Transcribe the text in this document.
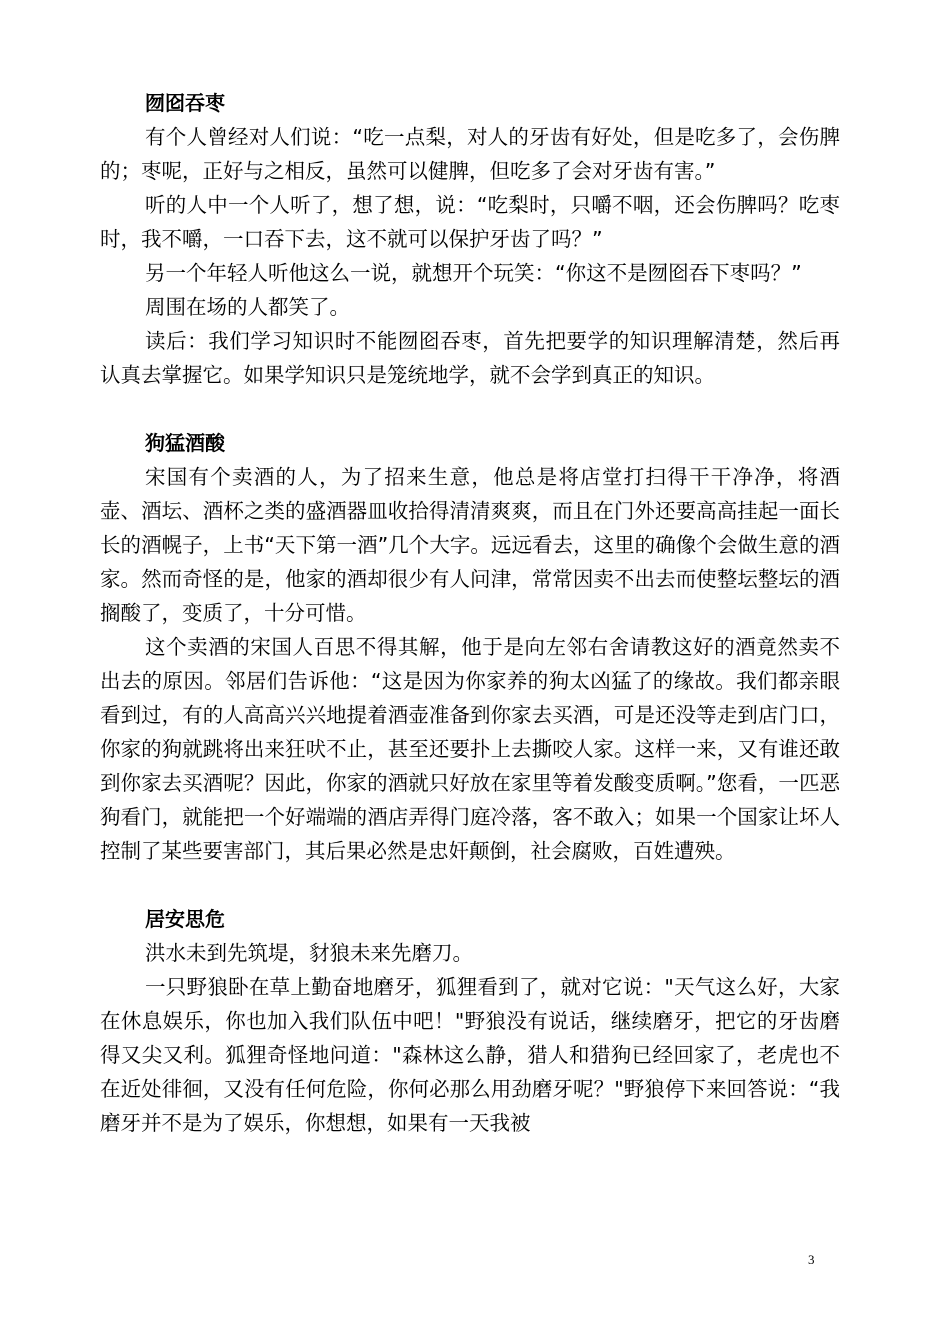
囫囵吞枣

有个人曾经对人们说：“吃一点梨，对人的牙齿有好处，但是吃多了，会伤脾的；枣呢，正好与之相反，虽然可以健脾，但吃多了会对牙齿有害。”

听的人中一个人听了，想了想，说：“吃梨时，只嚼不咽，还会伤脾吗？吃枣时，我不嚼，一口吞下去，这不就可以保护牙齿了吗？”

另一个年轻人听他这么一说，就想开个玩笑：“你这不是囫囵吞下枣吗？”

周围在场的人都笑了。

读后：我们学习知识时不能囫囵吞枣，首先把要学的知识理解清楚，然后再认真去掌握它。如果学知识只是笼统地学，就不会学到真正的知识。

狗猛酒酸

宋国有个卖酒的人，为了招来生意，他总是将店堂打扫得干干净净，将酒壶、酒坛、酒杯之类的盛酒器皿收拾得清清爽爽，而且在门外还要高高挂起一面长长的酒幌子，上书“天下第一酒”几个大字。远远看去，这里的确像个会做生意的酒家。然而奇怪的是，他家的酒却很少有人问津，常常因卖不出去而使整坛整坛的酒搁酸了，变质了，十分可惜。

这个卖酒的宋国人百思不得其解，他于是向左邻右舍请教这好的酒竟然卖不出去的原因。邻居们告诉他：“这是因为你家养的狗太凶猛了的缘故。我们都亲眼看到过，有的人高高兴兴地提着酒壶准备到你家去买酒，可是还没等走到店门口，你家的狗就跳将出来狂吠不止，甚至还要扑上去撕咬人家。这样一来，又有谁还敢到你家去买酒呢？因此，你家的酒就只好放在家里等着发酸变质啊。”您看，一匹恶狗看门，就能把一个好端端的酒店弄得门庭冷落，客不敢入；如果一个国家让坏人控制了某些要害部门，其后果必然是忠奸颠倒，社会腐败，百姓遭殃。

居安思危

洪水未到先筑堤，豺狼未来先磨刀。

一只野狼卧在草上勤奋地磨牙，狐狸看到了，就对它说："天气这么好，大家在休息娱乐，你也加入我们队伍中吧！"野狼没有说话，继续磨牙，把它的牙齿磨得又尖又利。狐狸奇怪地问道："森林这么静，猎人和猎狗已经回家了，老虎也不在近处徘徊，又没有任何危险，你何必那么用劲磨牙呢？"野狼停下来回答说：“我磨牙并不是为了娱乐，你想想，如果有一天我被

3
